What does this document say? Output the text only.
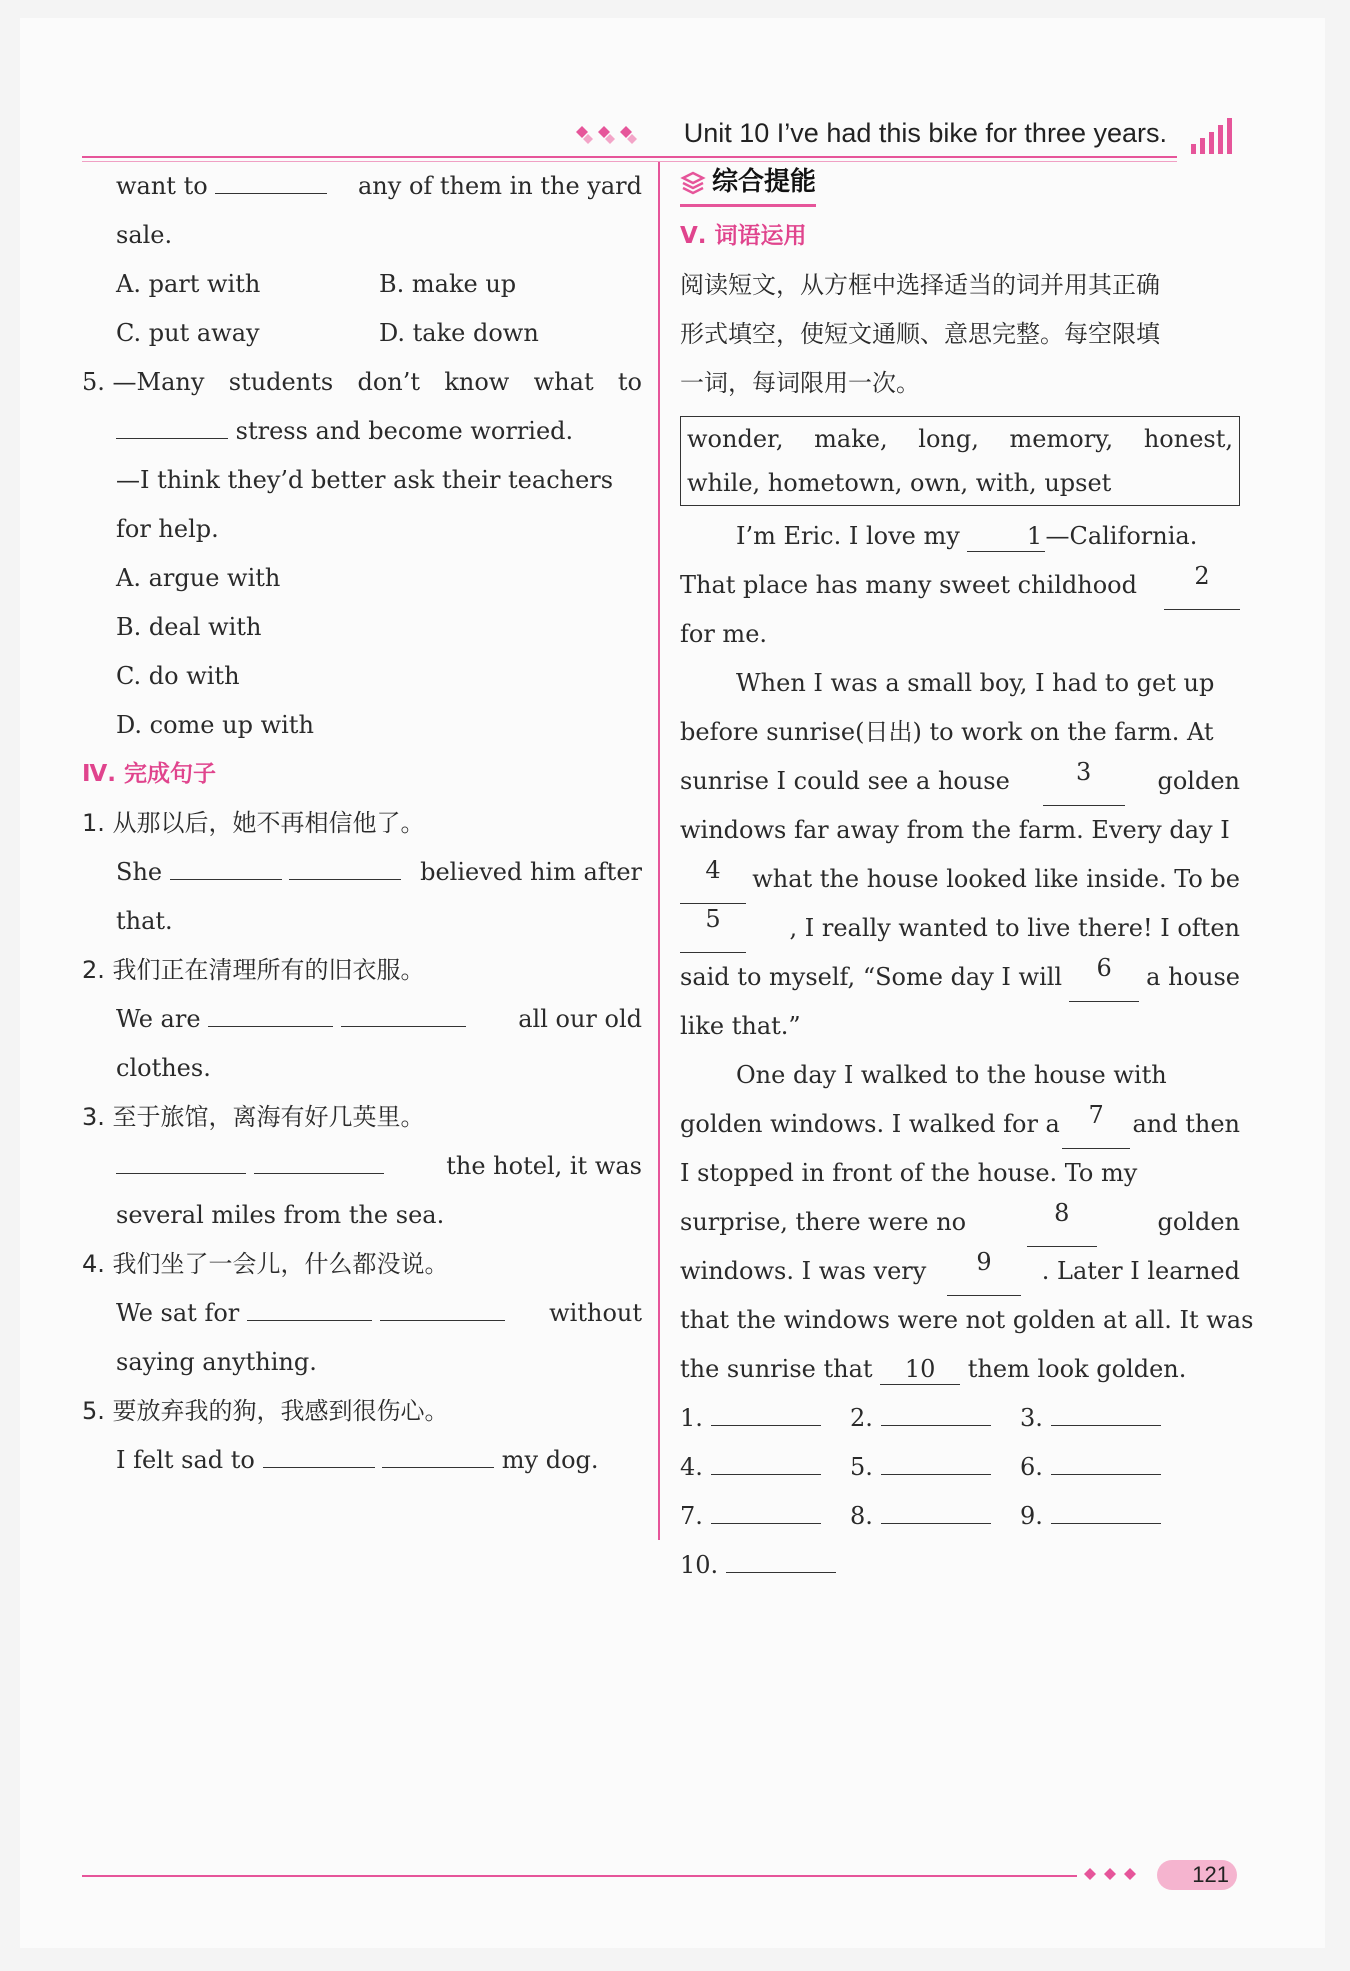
Unit 10 I’ve had this bike for three years.
want to	any of them in the yard
sale.
A. part with	B. make up
C. put away	D. take down
5. —Many students don’t know what to
stress and become worried.
—I think they’d better ask their teachers
for help.
A. argue with
B. deal with
C. do with
D. come up with
Ⅳ. 完成句子
1. 从那以后，她不再相信他了。
She	believed him after
that.
2. 我们正在清理所有的旧衣服。
We are	all our old
clothes.
3. 至于旅馆，离海有好几英里。

the hotel, it was
several miles from the sea.
4. 我们坐了一会儿，什么都没说。
We sat for	without
saying anything.
5. 要放弃我的狗，我感到很伤心。
I felt sad to	my dog.
综合提能
Ⅴ. 词语运用
阅读短文，从方框中选择适当的词并用其正确
形式填空，使短文通顺、意思完整。每空限填
一词，每词限用一次。
wonder, make, long, memory, honest,
while, hometown, own, with, upset
I’m Eric. I love my	1 —California.
That place has many sweet childhood	2
for me.
When I was a small boy, I had to get up
before sunrise(日出) to work on the farm. At
sunrise I could see a house	3	golden
windows far away from the farm. Every day I
4	what the house looked like inside. To be
5	, I really wanted to live there! I often
said to myself, “Some day I will	6	a house
like that.”
One day I walked to the house with
golden windows. I walked for a	7	and then
I stopped in front of the house. To my
surprise, there were no	8	golden
windows. I was very	9	. Later I learned
that the windows were not golden at all. It was
the sunrise that 10 them look golden.
1.	2.	3.
4.	5.	6.
7.	8.	9.
10.
121
